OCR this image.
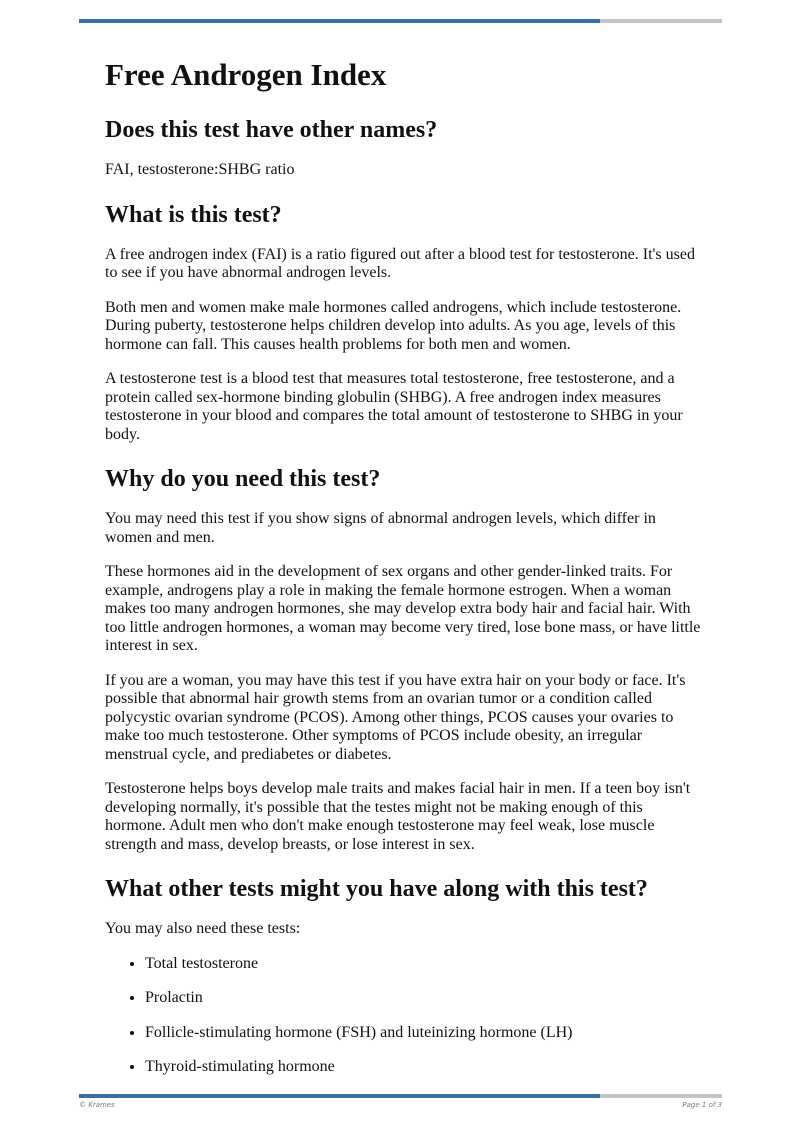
Free Androgen Index
Does this test have other names?

FAI, testosterone:SHBG ratio

What is this test?

A free androgen index (FAI) is a ratio figured out after a blood test for testosterone. It's used to see if you have abnormal androgen levels.

Both men and women make male hormones called androgens, which include testosterone. During puberty, testosterone helps children develop into adults. As you age, levels of this hormone can fall. This causes health problems for both men and women.

A testosterone test is a blood test that measures total testosterone, free testosterone, and a protein called sex-hormone binding globulin (SHBG). A free androgen index measures testosterone in your blood and compares the total amount of testosterone to SHBG in your body.

Why do you need this test?

You may need this test if you show signs of abnormal androgen levels, which differ in women and men.

These hormones aid in the development of sex organs and other gender-linked traits. For example, androgens play a role in making the female hormone estrogen. When a woman makes too many androgen hormones, she may develop extra body hair and facial hair. With too little androgen hormones, a woman may become very tired, lose bone mass, or have little interest in sex.

If you are a woman, you may have this test if you have extra hair on your body or face. It's possible that abnormal hair growth stems from an ovarian tumor or a condition called polycystic ovarian syndrome (PCOS). Among other things, PCOS causes your ovaries to make too much testosterone. Other symptoms of PCOS include obesity, an irregular menstrual cycle, and prediabetes or diabetes.

Testosterone helps boys develop male traits and makes facial hair in men. If a teen boy isn't developing normally, it's possible that the testes might not be making enough of this hormone. Adult men who don't make enough testosterone may feel weak, lose muscle strength and mass, develop breasts, or lose interest in sex.

What other tests might you have along with this test?

You may also need these tests:

• Total testosterone
• Prolactin
• Follicle-stimulating hormone (FSH) and luteinizing hormone (LH)
• Thyroid-stimulating hormone
© Krames	Page 1 of 3
